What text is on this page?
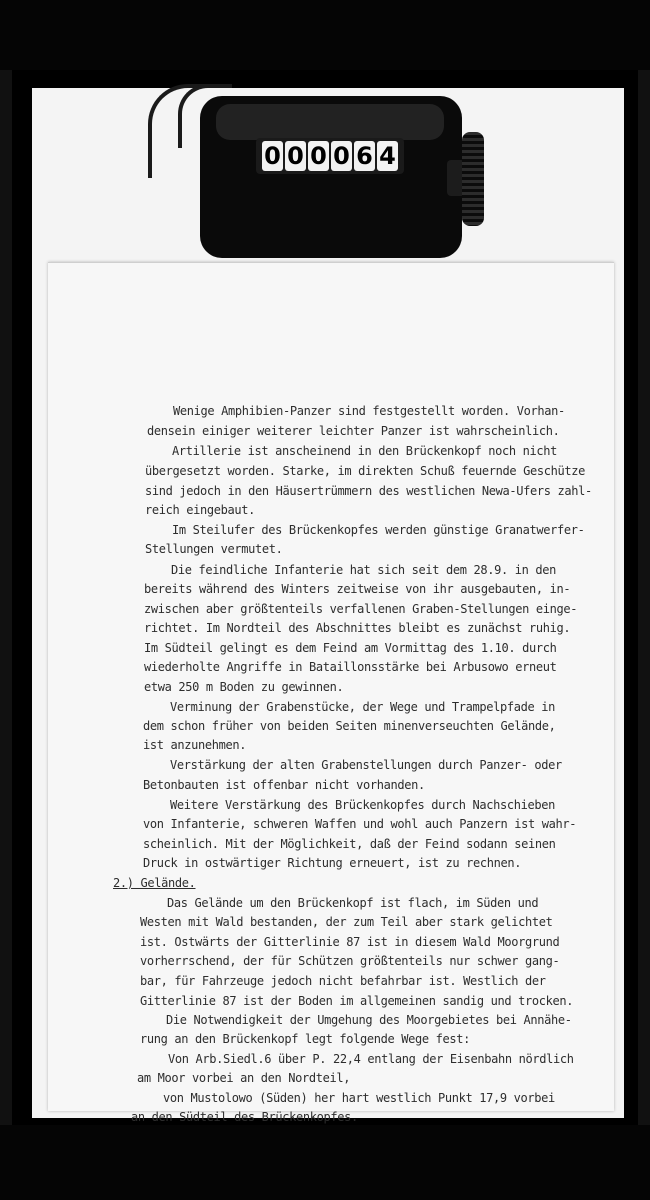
0 0 0 0 6 4
Wenige Amphibien-Panzer sind festgestellt worden. Vorhan-
densein einiger weiterer leichter Panzer ist wahrscheinlich.
Artillerie ist anscheinend in den Brückenkopf noch nicht
übergesetzt worden. Starke, im direkten Schuß feuernde Geschütze
sind jedoch in den Häusertrümmern des westlichen Newa-Ufers zahl-
reich eingebaut.
Im Steilufer des Brückenkopfes werden günstige Granatwerfer-
Stellungen vermutet.
Die feindliche Infanterie hat sich seit dem 28.9. in den
bereits während des Winters zeitweise von ihr ausgebauten, in-
zwischen aber größtenteils verfallenen Graben-Stellungen einge-
richtet. Im Nordteil des Abschnittes bleibt es zunächst ruhig.
Im Südteil gelingt es dem Feind am Vormittag des 1.10. durch
wiederholte Angriffe in Bataillonsstärke bei Arbusowo erneut
etwa 250 m Boden zu gewinnen.
Verminung der Grabenstücke, der Wege und Trampelpfade in
dem schon früher von beiden Seiten minenverseuchten Gelände,
ist anzunehmen.
Verstärkung der alten Grabenstellungen durch Panzer- oder
Betonbauten ist offenbar nicht vorhanden.
Weitere Verstärkung des Brückenkopfes durch Nachschieben
von Infanterie, schweren Waffen und wohl auch Panzern ist wahr-
scheinlich. Mit der Möglichkeit, daß der Feind sodann seinen
Druck in ostwärtiger Richtung erneuert, ist zu rechnen.
2.) Gelände.
Das Gelände um den Brückenkopf ist flach, im Süden und
Westen mit Wald bestanden, der zum Teil aber stark gelichtet
ist. Ostwärts der Gitterlinie 87 ist in diesem Wald Moorgrund
vorherrschend, der für Schützen größtenteils nur schwer gang-
bar, für Fahrzeuge jedoch nicht befahrbar ist. Westlich der
Gitterlinie 87 ist der Boden im allgemeinen sandig und trocken.
Die Notwendigkeit der Umgehung des Moorgebietes bei Annähe-
rung an den Brückenkopf legt folgende Wege fest:
Von Arb.Siedl.6 über P. 22,4 entlang der Eisenbahn nördlich
am Moor vorbei an den Nordteil,
von Mustolowo (Süden) her hart westlich Punkt 17,9 vorbei
an den Südteil des Brückenkopfes.
